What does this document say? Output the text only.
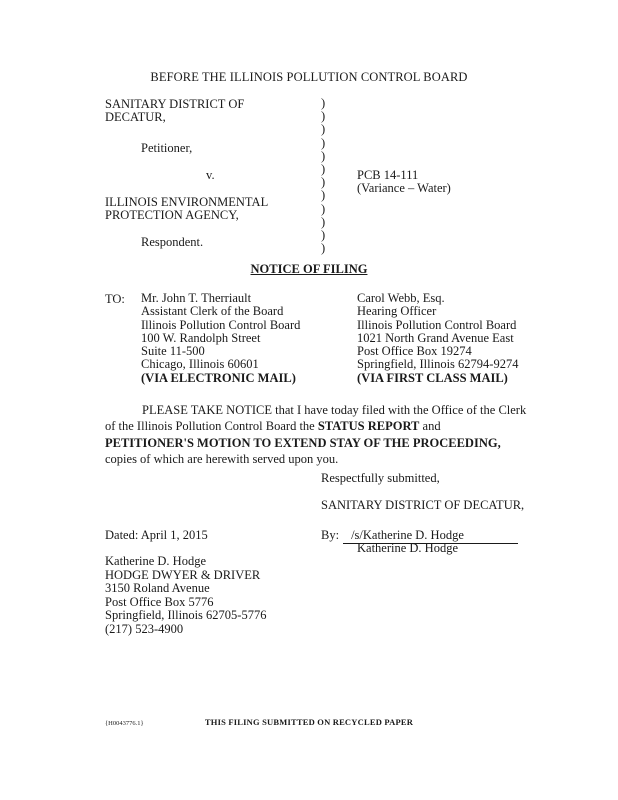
BEFORE THE ILLINOIS POLLUTION CONTROL BOARD
SANITARY DISTRICT OF
DECATUR,
Petitioner,
v.
ILLINOIS ENVIRONMENTAL
PROTECTION AGENCY,
Respondent.
)
)
)
)
)
)
)
)
)
)
)
)
PCB 14-111
(Variance – Water)
NOTICE OF FILING
TO: Mr. John T. Therriault
Assistant Clerk of the Board
Illinois Pollution Control Board
100 W. Randolph Street
Suite 11-500
Chicago, Illinois 60601
(VIA ELECTRONIC MAIL)
Carol Webb, Esq.
Hearing Officer
Illinois Pollution Control Board
1021 North Grand Avenue East
Post Office Box 19274
Springfield, Illinois 62794-9274
(VIA FIRST CLASS MAIL)
PLEASE TAKE NOTICE that I have today filed with the Office of the Clerk of the Illinois Pollution Control Board the STATUS REPORT and PETITIONER'S MOTION TO EXTEND STAY OF THE PROCEEDING, copies of which are herewith served upon you.
Respectfully submitted,
SANITARY DISTRICT OF DECATUR,
Dated: April 1, 2015	By: /s/Katherine D. Hodge
Katherine D. Hodge
Katherine D. Hodge
HODGE DWYER & DRIVER
3150 Roland Avenue
Post Office Box 5776
Springfield, Illinois 62705-5776
(217) 523-4900
{H0043776.1}	THIS FILING SUBMITTED ON RECYCLED PAPER
